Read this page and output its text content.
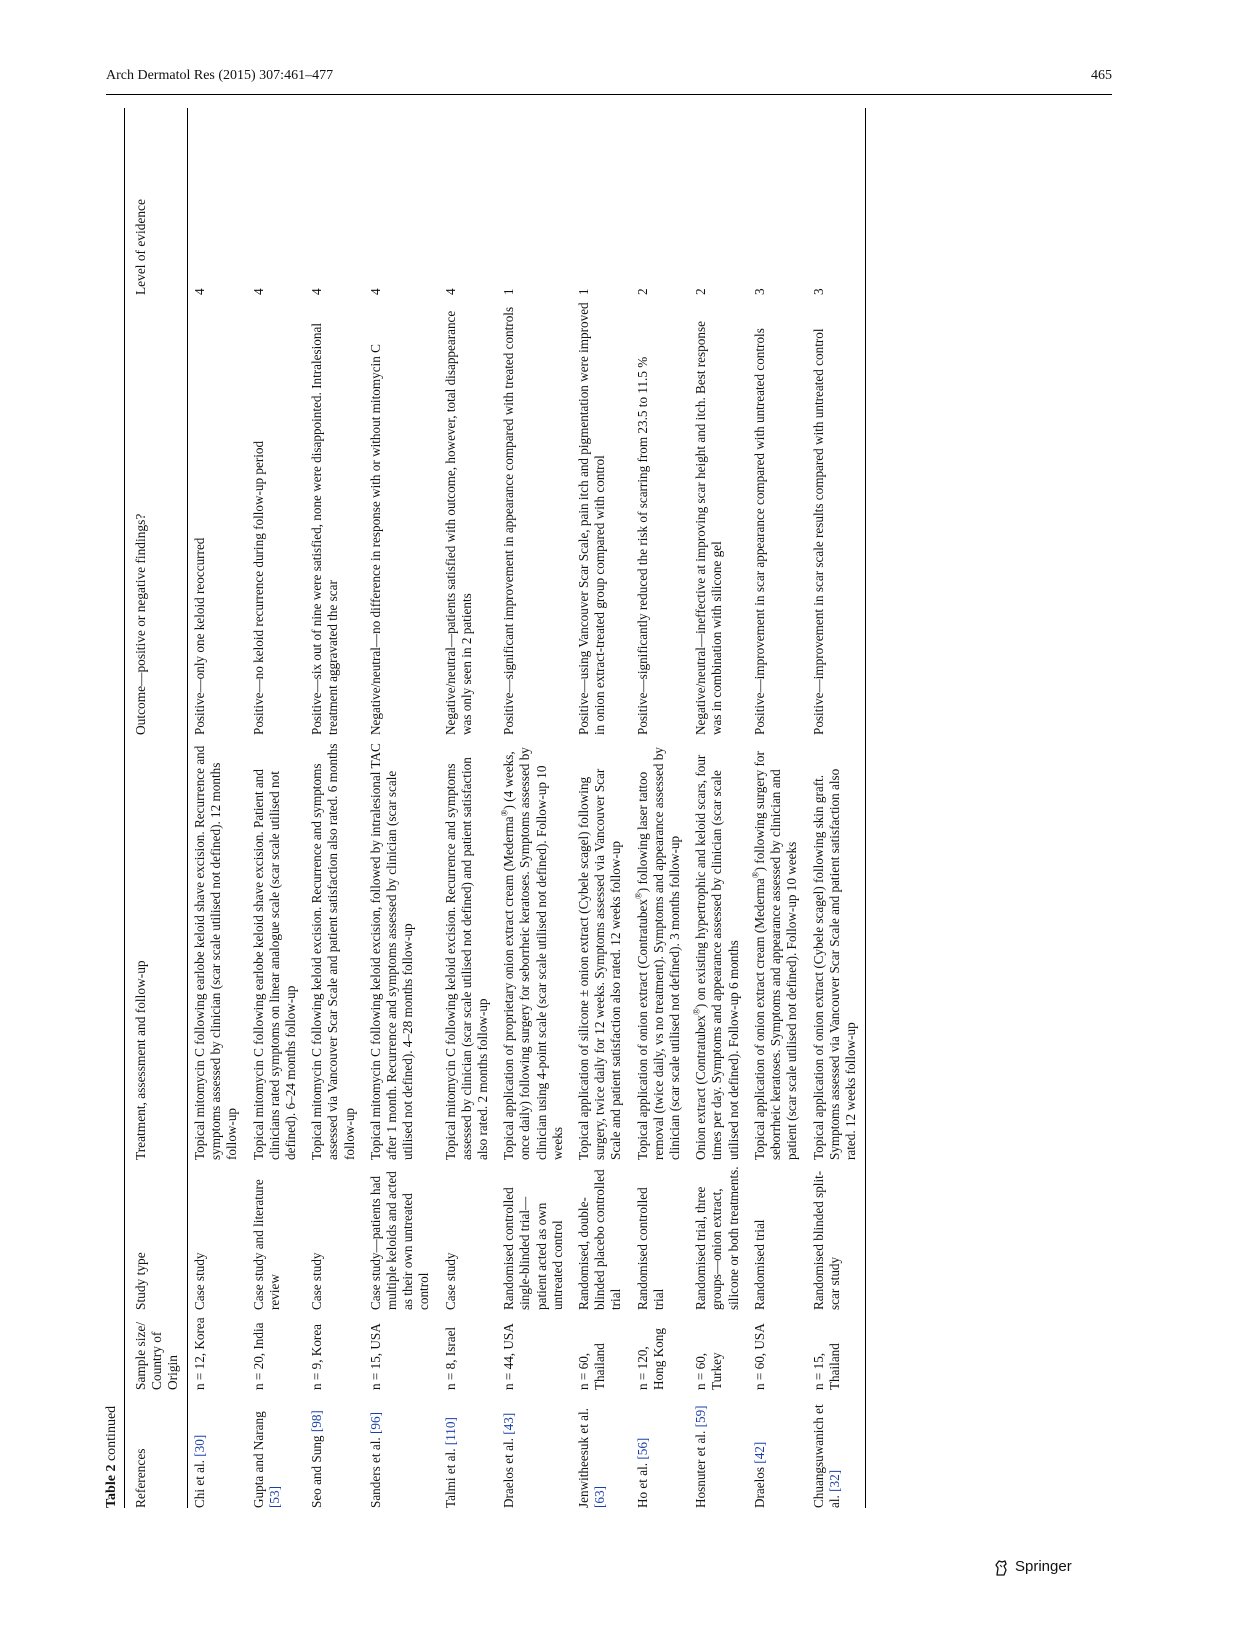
Arch Dermatol Res (2015) 307:461–477	465
Table 2 continued
References	Sample size/ Country of Origin	Study type	Treatment, assessment and follow-up	Outcome—positive or negative findings?	Level of evidence
Chi et al. [30]	n = 12, Korea	Case study	Topical mitomycin C following earlobe keloid shave excision. Recurrence and symptoms assessed by clinician (scar scale utilised not defined). 12 months follow-up	Positive—only one keloid reoccurred	4
Gupta and Narang [53]	n = 20, India	Case study and literature review	Topical mitomycin C following earlobe keloid shave excision. Patient and clinicians rated symptoms on linear analogue scale (scar scale utilised not defined). 6–24 months follow-up	Positive—no keloid recurrence during follow-up period	4
Seo and Sung [98]	n = 9, Korea	Case study	Topical mitomycin C following keloid excision. Recurrence and symptoms assessed via Vancouver Scar Scale and patient satisfaction also rated. 6 months follow-up	Positive—six out of nine were satisfied, none were disappointed. Intralesional treatment aggravated the scar	4
Sanders et al. [96]	n = 15, USA	Case study—patients had multiple keloids and acted as their own untreated control	Topical mitomycin C following keloid excision, followed by intralesional TAC after 1 month. Recurrence and symptoms assessed by clinician (scar scale utilised not defined). 4–28 months follow-up	Negative/neutral—no difference in response with or without mitomycin C	4
Talmi et al. [110]	n = 8, Israel	Case study	Topical mitomycin C following keloid excision. Recurrence and symptoms assessed by clinician (scar scale utilised not defined) and patient satisfaction also rated. 2 months follow-up	Negative/neutral—patients satisfied with outcome, however, total disappearance was only seen in 2 patients	4
Draelos et al. [43]	n = 44, USA	Randomised controlled single-blinded trial—patient acted as own untreated control	Topical application of proprietary onion extract cream (Mederma®) (4 weeks, once daily) following surgery for seborrheic keratoses. Symptoms assessed by clinician using 4-point scale (scar scale utilised not defined). Follow-up 10 weeks	Positive—significant improvement in appearance compared with treated controls	1
Jenwitheesuk et al. [63]	n = 60, Thailand	Randomised, double-blinded placebo controlled trial	Topical application of silicone ± onion extract (Cybele scagel) following surgery, twice daily for 12 weeks. Symptoms assessed via Vancouver Scar Scale and patient satisfaction also rated. 12 weeks follow-up	Positive—using Vancouver Scar Scale, pain itch and pigmentation were improved in onion extract-treated group compared with control	1
Ho et al. [56]	n = 120, Hong Kong	Randomised controlled trial	Topical application of onion extract (Contratubex®) following laser tattoo removal (twice daily, vs no treatment). Symptoms and appearance assessed by clinician (scar scale utilised not defined). 3 months follow-up	Positive—significantly reduced the risk of scarring from 23.5 to 11.5 %	2
Hosnuter et al. [59]	n = 60, Turkey	Randomised trial, three groups—onion extract, silicone or both treatments.	Onion extract (Contratubex®) on existing hypertrophic and keloid scars, four times per day. Symptoms and appearance assessed by clinician (scar scale utilised not defined). Follow-up 6 months	Negative/neutral—ineffective at improving scar height and itch. Best response was in combination with silicone gel	2
Draelos [42]	n = 60, USA	Randomised trial	Topical application of onion extract cream (Mederma®) following surgery for seborrheic keratoses. Symptoms and appearance assessed by clinician and patient (scar scale utilised not defined). Follow-up 10 weeks	Positive—improvement in scar appearance compared with untreated controls	3
Chuangsuwanich et al. [32]	n = 15, Thailand	Randomised blinded split-scar study	Topical application of onion extract (Cybele scagel) following skin graft. Symptoms assessed via Vancouver Scar Scale and patient satisfaction also rated. 12 weeks follow-up	Positive—improvement in scar scale results compared with untreated control	3
Springer
